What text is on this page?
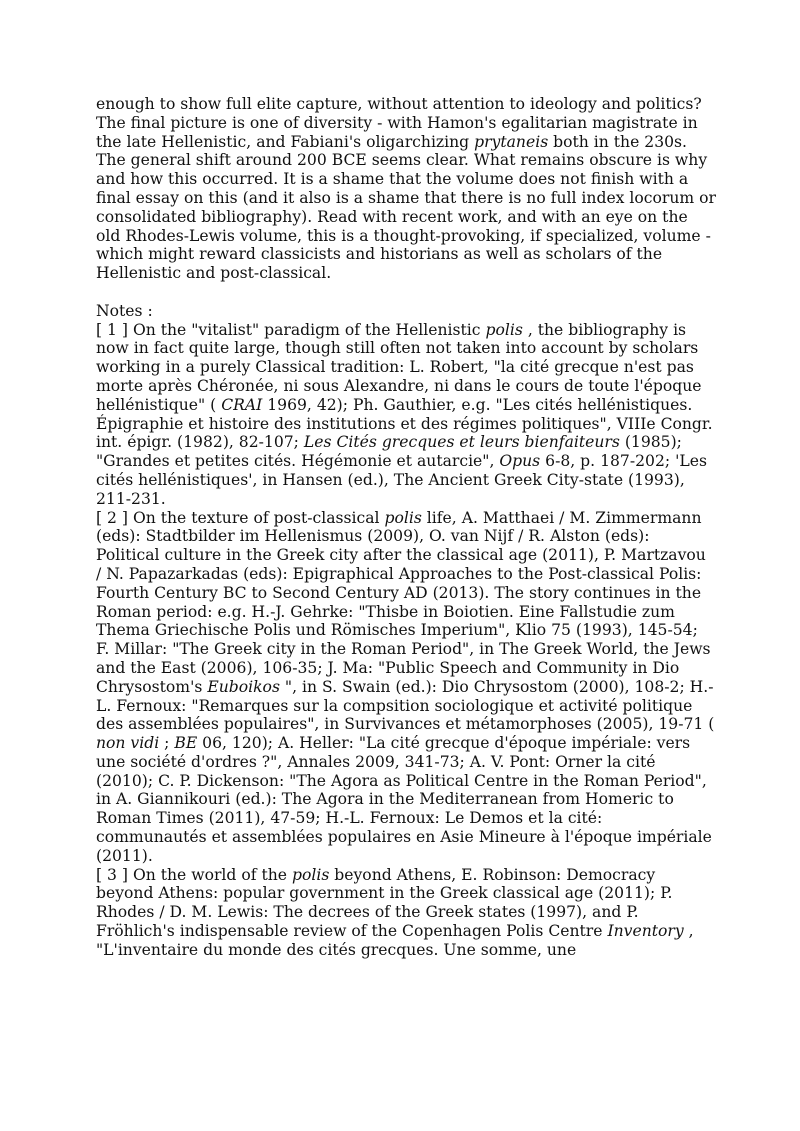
enough to show full elite capture, without attention to ideology and politics?

The final picture is one of diversity - with Hamon's egalitarian magistrate in the late Hellenistic, and Fabiani's oligarchizing prytaneis both in the 230s. The general shift around 200 BCE seems clear. What remains obscure is why and how this occurred. It is a shame that the volume does not finish with a final essay on this (and it also is a shame that there is no full index locorum or consolidated bibliography). Read with recent work, and with an eye on the old Rhodes-Lewis volume, this is a thought-provoking, if specialized, volume - which might reward classicists and historians as well as scholars of the Hellenistic and post-classical.

Notes :

[ 1 ] On the "vitalist" paradigm of the Hellenistic polis , the bibliography is now in fact quite large, though still often not taken into account by scholars working in a purely Classical tradition: L. Robert, "la cité grecque n'est pas morte après Chéronée, ni sous Alexandre, ni dans le cours de toute l'époque hellénistique" ( CRAI 1969, 42); Ph. Gauthier, e.g. "Les cités hellénistiques. Épigraphie et histoire des institutions et des régimes politiques", VIIIe Congr. int. épigr. (1982), 82-107; Les Cités grecques et leurs bienfaiteurs (1985); "Grandes et petites cités. Hégémonie et autarcie", Opus 6-8, p. 187-202; 'Les cités hellénistiques', in Hansen (ed.), The Ancient Greek City-state (1993), 211-231.

[ 2 ] On the texture of post-classical polis life, A. Matthaei / M. Zimmermann (eds): Stadtbilder im Hellenismus (2009), O. van Nijf / R. Alston (eds): Political culture in the Greek city after the classical age (2011), P. Martzavou / N. Papazarkadas (eds): Epigraphical Approaches to the Post-classical Polis: Fourth Century BC to Second Century AD (2013). The story continues in the Roman period: e.g. H.-J. Gehrke: "Thisbe in Boiotien. Eine Fallstudie zum Thema Griechische Polis und Römisches Imperium", Klio 75 (1993), 145-54; F. Millar: "The Greek city in the Roman Period", in The Greek World, the Jews and the East (2006), 106-35; J. Ma: "Public Speech and Community in Dio Chrysostom's Euboikos ", in S. Swain (ed.): Dio Chrysostom (2000), 108-2; H.-L. Fernoux: "Remarques sur la compsition sociologique et activité politique des assemblées populaires", in Survivances et métamorphoses (2005), 19-71 ( non vidi ; BE 06, 120); A. Heller: "La cité grecque d'époque impériale: vers une société d'ordres ?", Annales 2009, 341-73; A. V. Pont: Orner la cité (2010); C. P. Dickenson: "The Agora as Political Centre in the Roman Period", in A. Giannikouri (ed.): The Agora in the Mediterranean from Homeric to Roman Times (2011), 47-59; H.-L. Fernoux: Le Demos et la cité: communautés et assemblées populaires en Asie Mineure à l'époque impériale (2011).

[ 3 ] On the world of the polis beyond Athens, E. Robinson: Democracy beyond Athens: popular government in the Greek classical age (2011); P. Rhodes / D. M. Lewis: The decrees of the Greek states (1997), and P. Fröhlich's indispensable review of the Copenhagen Polis Centre Inventory , "L'inventaire du monde des cités grecques. Une somme, une
